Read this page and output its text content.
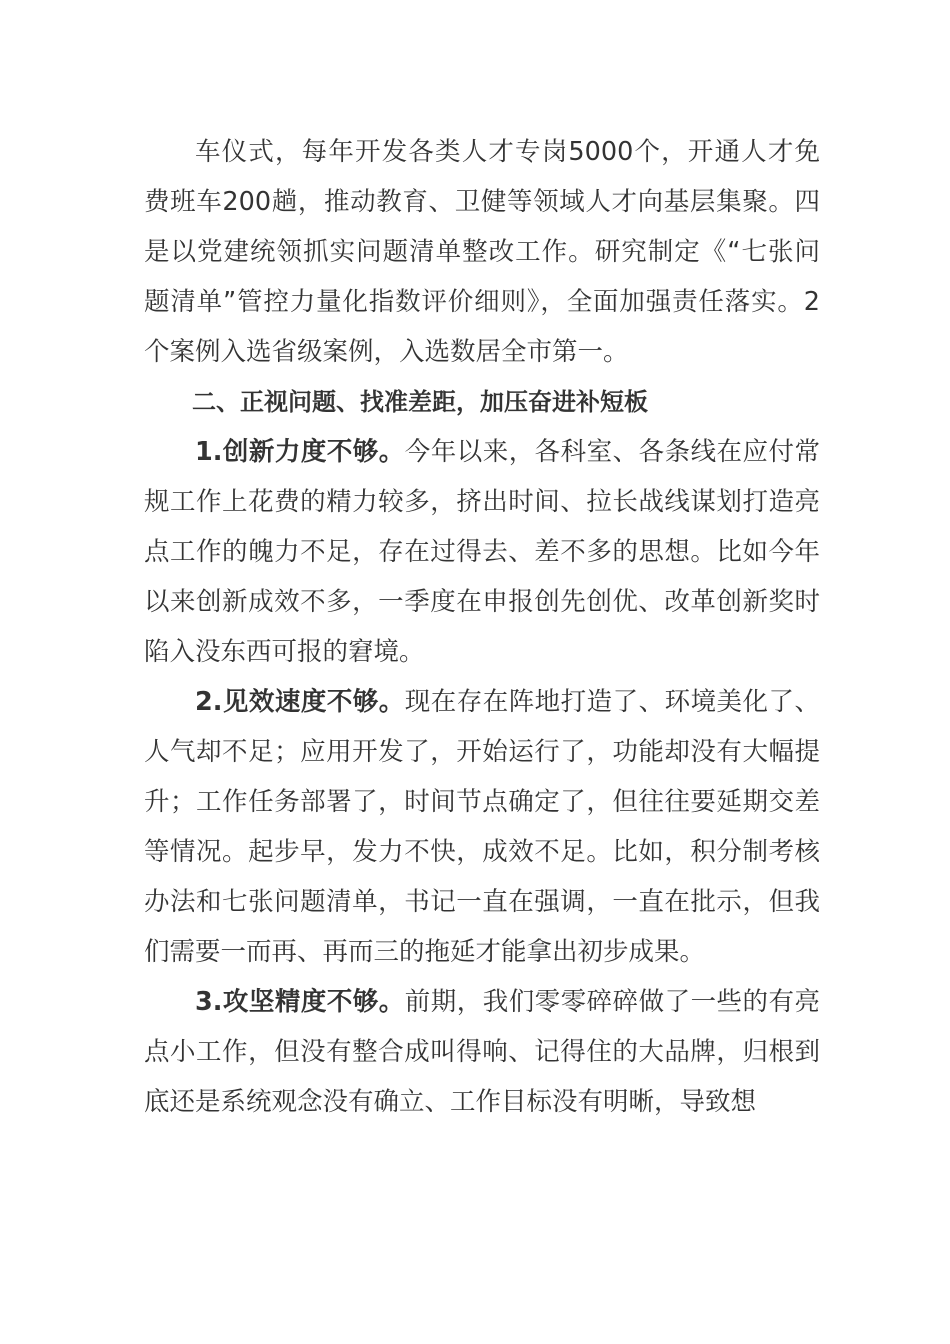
车仪式，每年开发各类人才专岗5000个，开通人才免费班车200趟，推动教育、卫健等领域人才向基层集聚。四是以党建统领抓实问题清单整改工作。研究制定《“七张问题清单”管控力量化指数评价细则》，全面加强责任落实。2个案例入选省级案例，入选数居全市第一。

二、正视问题、找准差距，加压奋进补短板

1.创新力度不够。今年以来，各科室、各条线在应付常规工作上花费的精力较多，挤出时间、拉长战线谋划打造亮点工作的魄力不足，存在过得去、差不多的思想。比如今年以来创新成效不多，一季度在申报创先创优、改革创新奖时陷入没东西可报的窘境。

2.见效速度不够。现在存在阵地打造了、环境美化了、人气却不足；应用开发了，开始运行了，功能却没有大幅提升；工作任务部署了，时间节点确定了，但往往要延期交差等情况。起步早，发力不快，成效不足。比如，积分制考核办法和七张问题清单，书记一直在强调，一直在批示，但我们需要一而再、再而三的拖延才能拿出初步成果。

3.攻坚精度不够。前期，我们零零碎碎做了一些的有亮点小工作，但没有整合成叫得响、记得住的大品牌，归根到底还是系统观念没有确立、工作目标没有明晰，导致想
